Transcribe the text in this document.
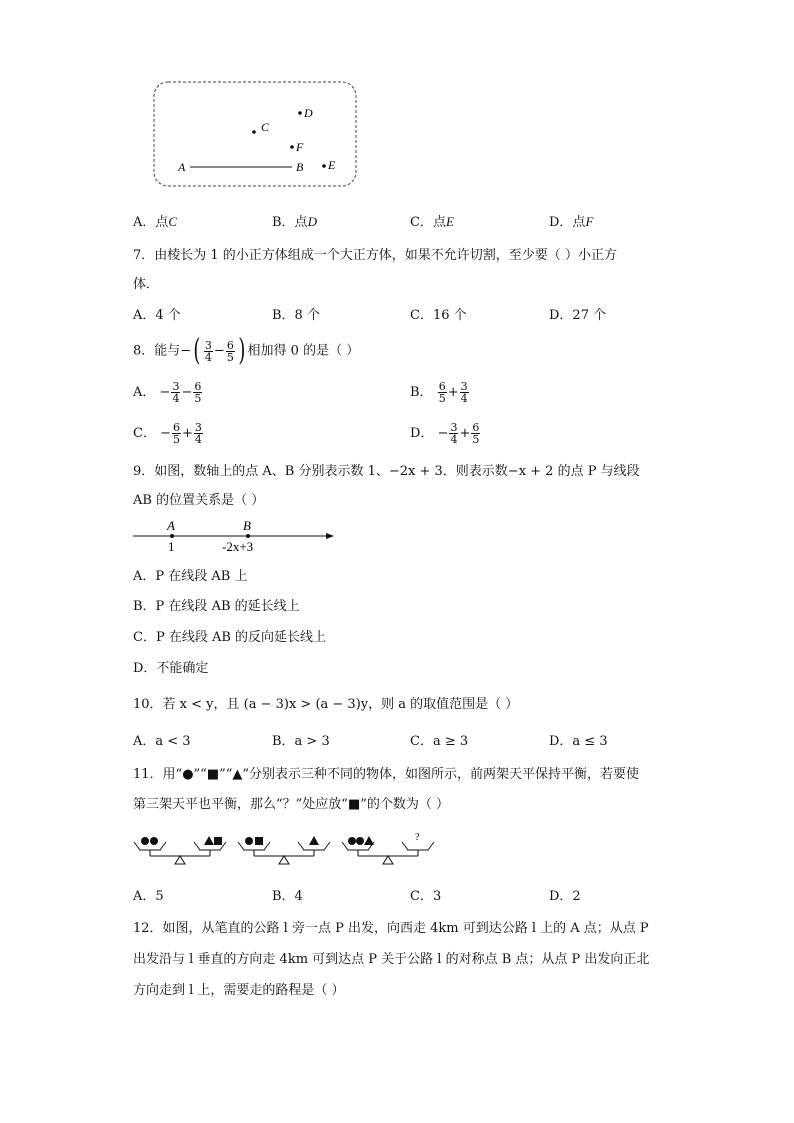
A	B
C
D
F
E
A．点C	B．点D	C．点E	D．点F
7．由棱长为 1 的小正方体组成一个大正方体，如果不允许切割，至少要（ ）小正方
体．
A．4 个	B．8 个	C．16 个	D．27 个
8．能与−( $\frac{3}{4} - \frac{6}{5}$ ) 相加得 0 的是（ ）
A． − $\frac{3}{4} - \frac{6}{5}$	B． $\frac{6}{5} + \frac{3}{4}$
C． − $\frac{6}{5} + \frac{3}{4}$	D． − $\frac{3}{4} + \frac{6}{5}$
9．如图，数轴上的点 A、B 分别表示数 1、−2x + 3．则表示数−x + 2 的点 P 与线段
AB 的位置关系是（ ）
A	B
1	-2x+3
A．P 在线段 AB 上
B．P 在线段 AB 的延长线上
C．P 在线段 AB 的反向延长线上
D．不能确定
10．若 x < y，且 (a − 3)x > (a − 3)y，则 a 的取值范围是（ ）
A．a < 3	B．a > 3	C．a ≥ 3	D．a ≤ 3
11．用“●”“■”“▲”分别表示三种不同的物体，如图所示，前两架天平保持平衡，若要使
第三架天平也平衡，那么“？”处应放“■”的个数为（ ）
?
A．5	B．4	C．3	D．2
12．如图，从笔直的公路 l 旁一点 P 出发，向西走 4km 可到达公路 l 上的 A 点；从点 P
出发沿与 l 垂直的方向走 4km 可到达点 P 关于公路 l 的对称点 B 点；从点 P 出发向正北
方向走到 l 上，需要走的路程是（ ）
